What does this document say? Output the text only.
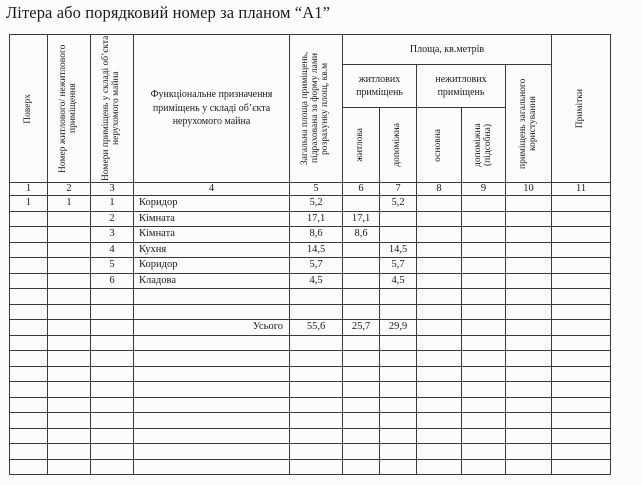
Літера або порядковий номер за планом “А1”
Поверх	Номер житлового/ нежитлового приміщення	Номери приміщень у складі об’єкта нерухомого майна	Функціональне призначення приміщень у складі об’єкта нерухомого майна	Загальна площа приміщень, підрахована за форму лами розрахунку площ, кв.м	Площа, кв.метрів					Примітки

					житлових приміщень		нежитлових приміщень		приміщень загального користування	

					житлова	допоміжна	основна	допоміжна (підсобна)		

1	2	3	4	5	6	7	8	9	10	11
1	1	1	Коридор	5,2		5,2				
		2	Кімната	17,1	17,1					
		3	Кімната	8,6	8,6					
		4	Кухня	14,5		14,5				
		5	Коридор	5,7		5,7				
		6	Кладова	4,5		4,5				

			Усього	55,6	25,7	29,9				
